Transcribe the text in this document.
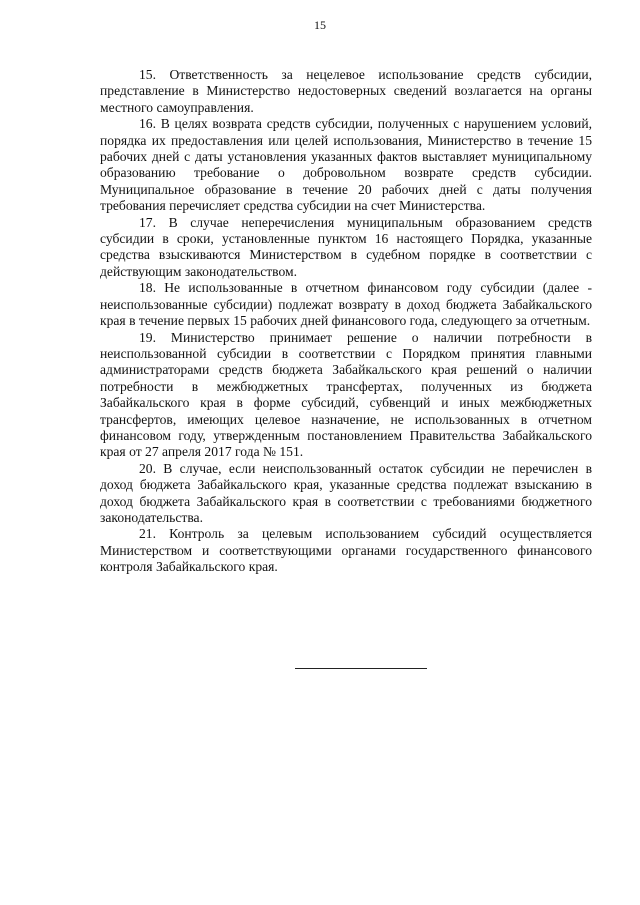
15

15. Ответственность за нецелевое использование средств субсидии, представление в Министерство недостоверных сведений возлагается на органы местного самоуправления.

16. В целях возврата средств субсидии, полученных с нарушением условий, порядка их предоставления или целей использования, Министерство в течение 15 рабочих дней с даты установления указанных фактов выставляет муниципальному образованию требование о добровольном возврате средств субсидии. Муниципальное образование в течение 20 рабочих дней с даты получения требования перечисляет средства субсидии на счет Министерства.

17. В случае неперечисления муниципальным образованием средств субсидии в сроки, установленные пунктом 16 настоящего Порядка, указанные средства взыскиваются Министерством в судебном порядке в соответствии с действующим законодательством.

18. Не использованные в отчетном финансовом году субсидии (далее - неиспользованные субсидии) подлежат возврату в доход бюджета Забайкальского края в течение первых 15 рабочих дней финансового года, следующего за отчетным.

19. Министерство принимает решение о наличии потребности в неиспользованной субсидии в соответствии с Порядком принятия главными администраторами средств бюджета Забайкальского края решений о наличии потребности в межбюджетных трансфертах, полученных из бюджета Забайкальского края в форме субсидий, субвенций и иных межбюджетных трансфертов, имеющих целевое назначение, не использованных в отчетном финансовом году, утвержденным постановлением Правительства Забайкальского края от 27 апреля 2017 года № 151.

20. В случае, если неиспользованный остаток субсидии не перечислен в доход бюджета Забайкальского края, указанные средства подлежат взысканию в доход бюджета Забайкальского края в соответствии с требованиями бюджетного законодательства.

21. Контроль за целевым использованием субсидий осуществляется Министерством и соответствующими органами государственного финансового контроля Забайкальского края.
